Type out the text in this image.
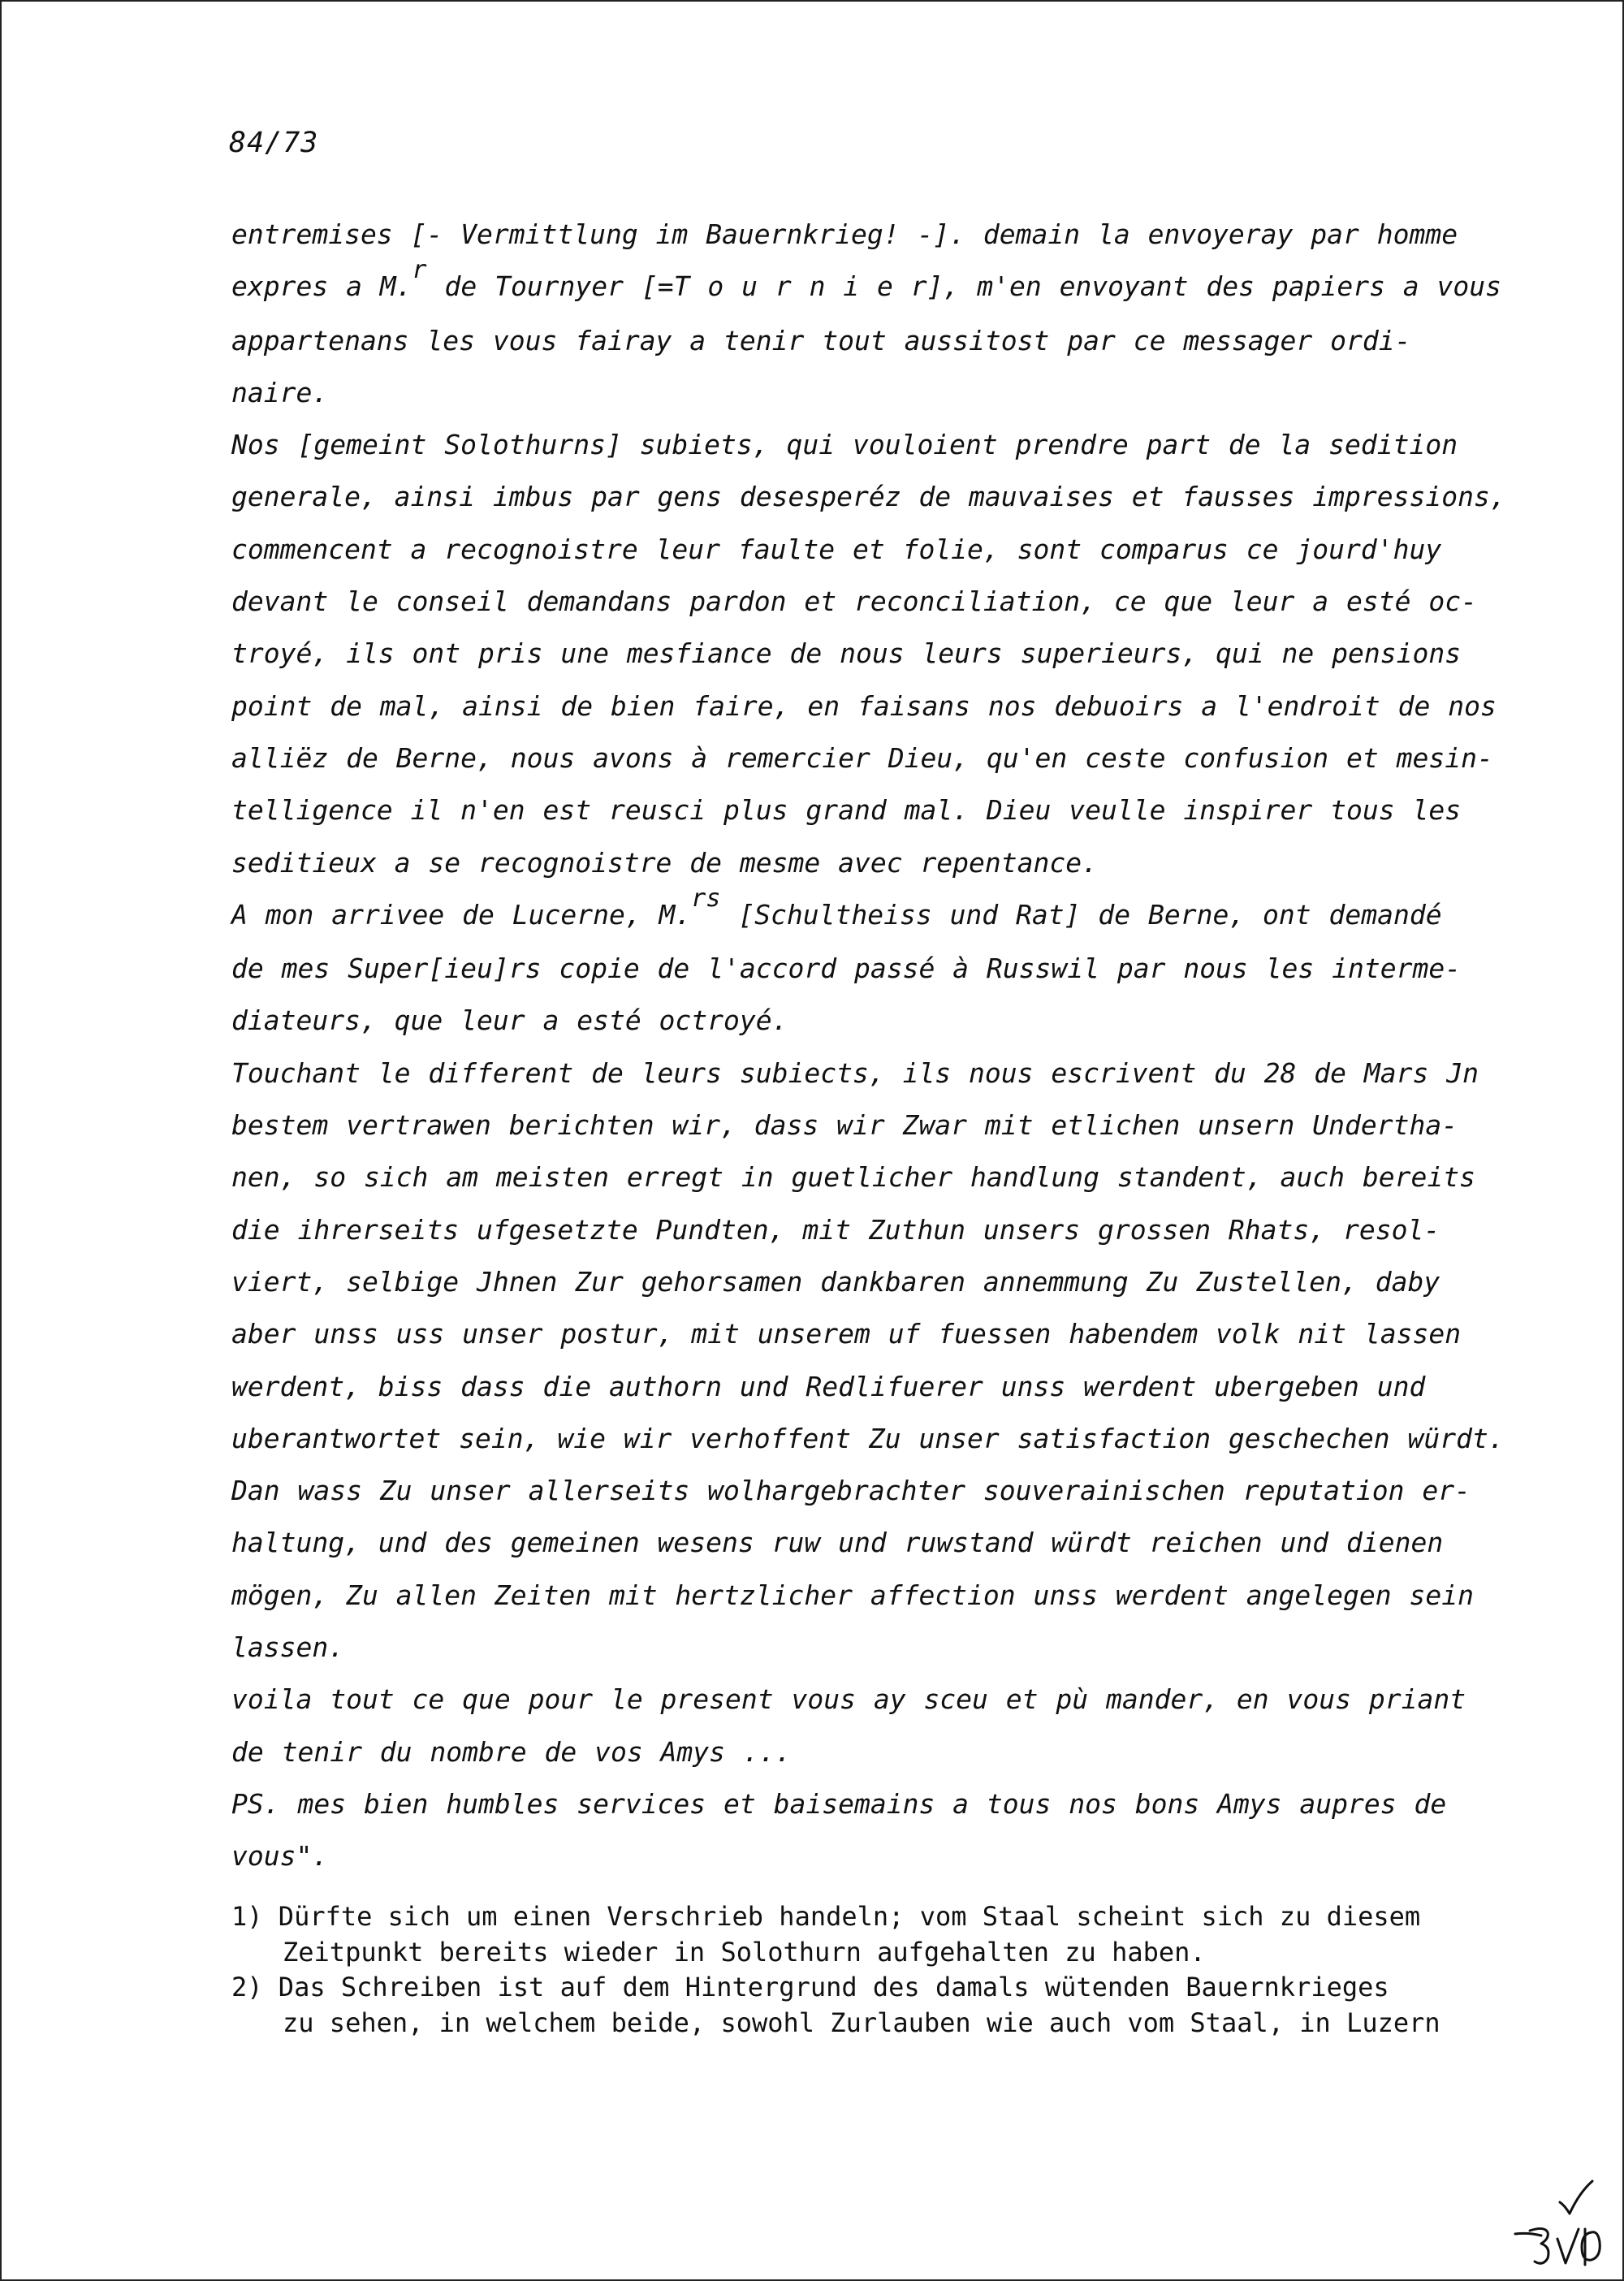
84/73
entremises [- Vermittlung im Bauernkrieg! -]. demain la envoyeray par homme
expres a M.r de Tournyer [=T o u r n i e r], m'en envoyant des papiers a vous
appartenans les vous fairay a tenir tout aussitost par ce messager ordi-
naire.
Nos [gemeint Solothurns] subiets, qui vouloient prendre part de la sedition
generale, ainsi imbus par gens desesperéz de mauvaises et fausses impressions,
commencent a recognoistre leur faulte et folie, sont comparus ce jourd'huy
devant le conseil demandans pardon et reconciliation, ce que leur a esté oc-
troyé, ils ont pris une mesfiance de nous leurs superieurs, qui ne pensions
point de mal, ainsi de bien faire, en faisans nos debuoirs a l'endroit de nos
alliëz de Berne, nous avons à remercier Dieu, qu'en ceste confusion et mesin-
telligence il n'en est reusci plus grand mal. Dieu veulle inspirer tous les
seditieux a se recognoistre de mesme avec repentance.
A mon arrivee de Lucerne, M.rs [Schultheiss und Rat] de Berne, ont demandé
de mes Super[ieu]rs copie de l'accord passé à Russwil par nous les interme-
diateurs, que leur a esté octroyé.
Touchant le different de leurs subiects, ils nous escrivent du 28 de Mars Jn
bestem vertrawen berichten wir, dass wir Zwar mit etlichen unsern Undertha-
nen, so sich am meisten erregt in guetlicher handlung standent, auch bereits
die ihrerseits ufgesetzte Pundten, mit Zuthun unsers grossen Rhats, resol-
viert, selbige Jhnen Zur gehorsamen dankbaren annemmung Zu Zustellen, daby
aber unss uss unser postur, mit unserem uf fuessen habendem volk nit lassen
werdent, biss dass die authorn und Redlifuerer unss werdent ubergeben und
uberantwortet sein, wie wir verhoffent Zu unser satisfaction geschechen würdt.
Dan wass Zu unser allerseits wolhargebrachter souverainischen reputation er-
haltung, und des gemeinen wesens ruw und ruwstand würdt reichen und dienen
mögen, Zu allen Zeiten mit hertzlicher affection unss werdent angelegen sein
lassen.
voila tout ce que pour le present vous ay sceu et pù mander, en vous priant
de tenir du nombre de vos Amys ...
PS. mes bien humbles services et baisemains a tous nos bons Amys aupres de
vous".
1) Dürfte sich um einen Verschrieb handeln; vom Staal scheint sich zu diesem
Zeitpunkt bereits wieder in Solothurn aufgehalten zu haben.
2) Das Schreiben ist auf dem Hintergrund des damals wütenden Bauernkrieges
zu sehen, in welchem beide, sowohl Zurlauben wie auch vom Staal, in Luzern
